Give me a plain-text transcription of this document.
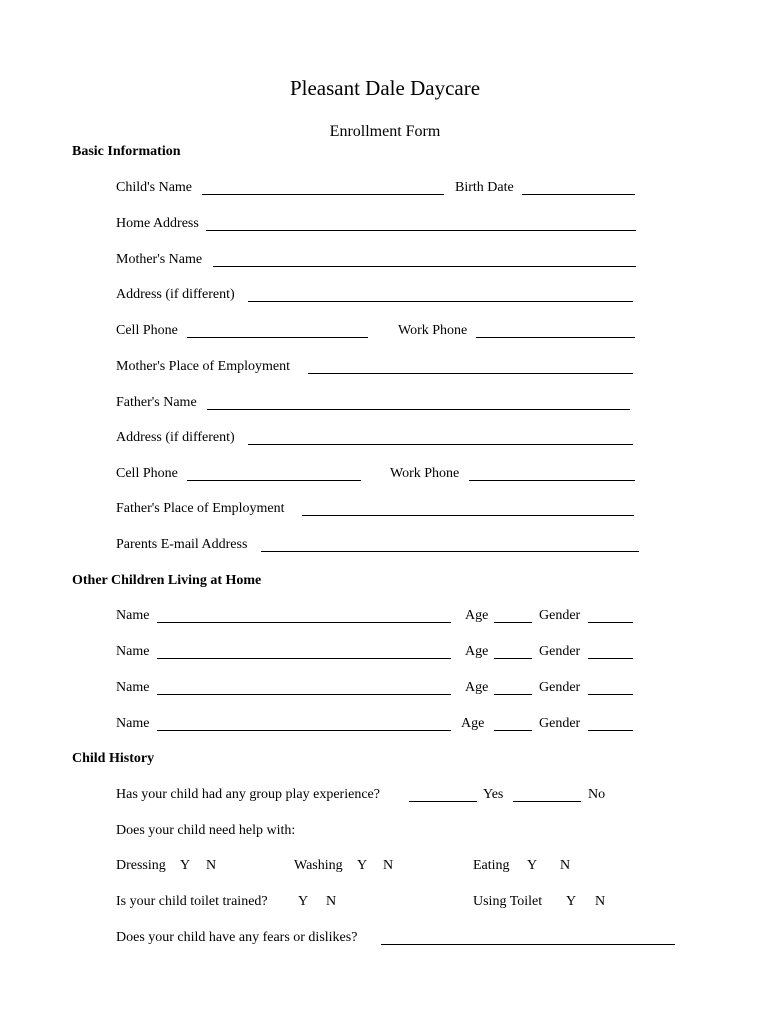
Pleasant Dale Daycare
Enrollment Form
Basic Information
Child's Name	Birth Date
Home Address
Mother's Name
Address (if different)
Cell Phone	Work Phone
Mother's Place of Employment
Father's Name
Address (if different)
Cell Phone	Work Phone
Father's Place of Employment
Parents E-mail Address
Other Children Living at Home
Name	Age	Gender
Name	Age	Gender
Name	Age	Gender
Name	Age	Gender
Child History
Has your child had any group play experience?	Yes	No
Does your child need help with:
Dressing Y N	Washing Y N	Eating Y N
Is your child toilet trained? Y N	Using Toilet Y N
Does your child have any fears or dislikes?
